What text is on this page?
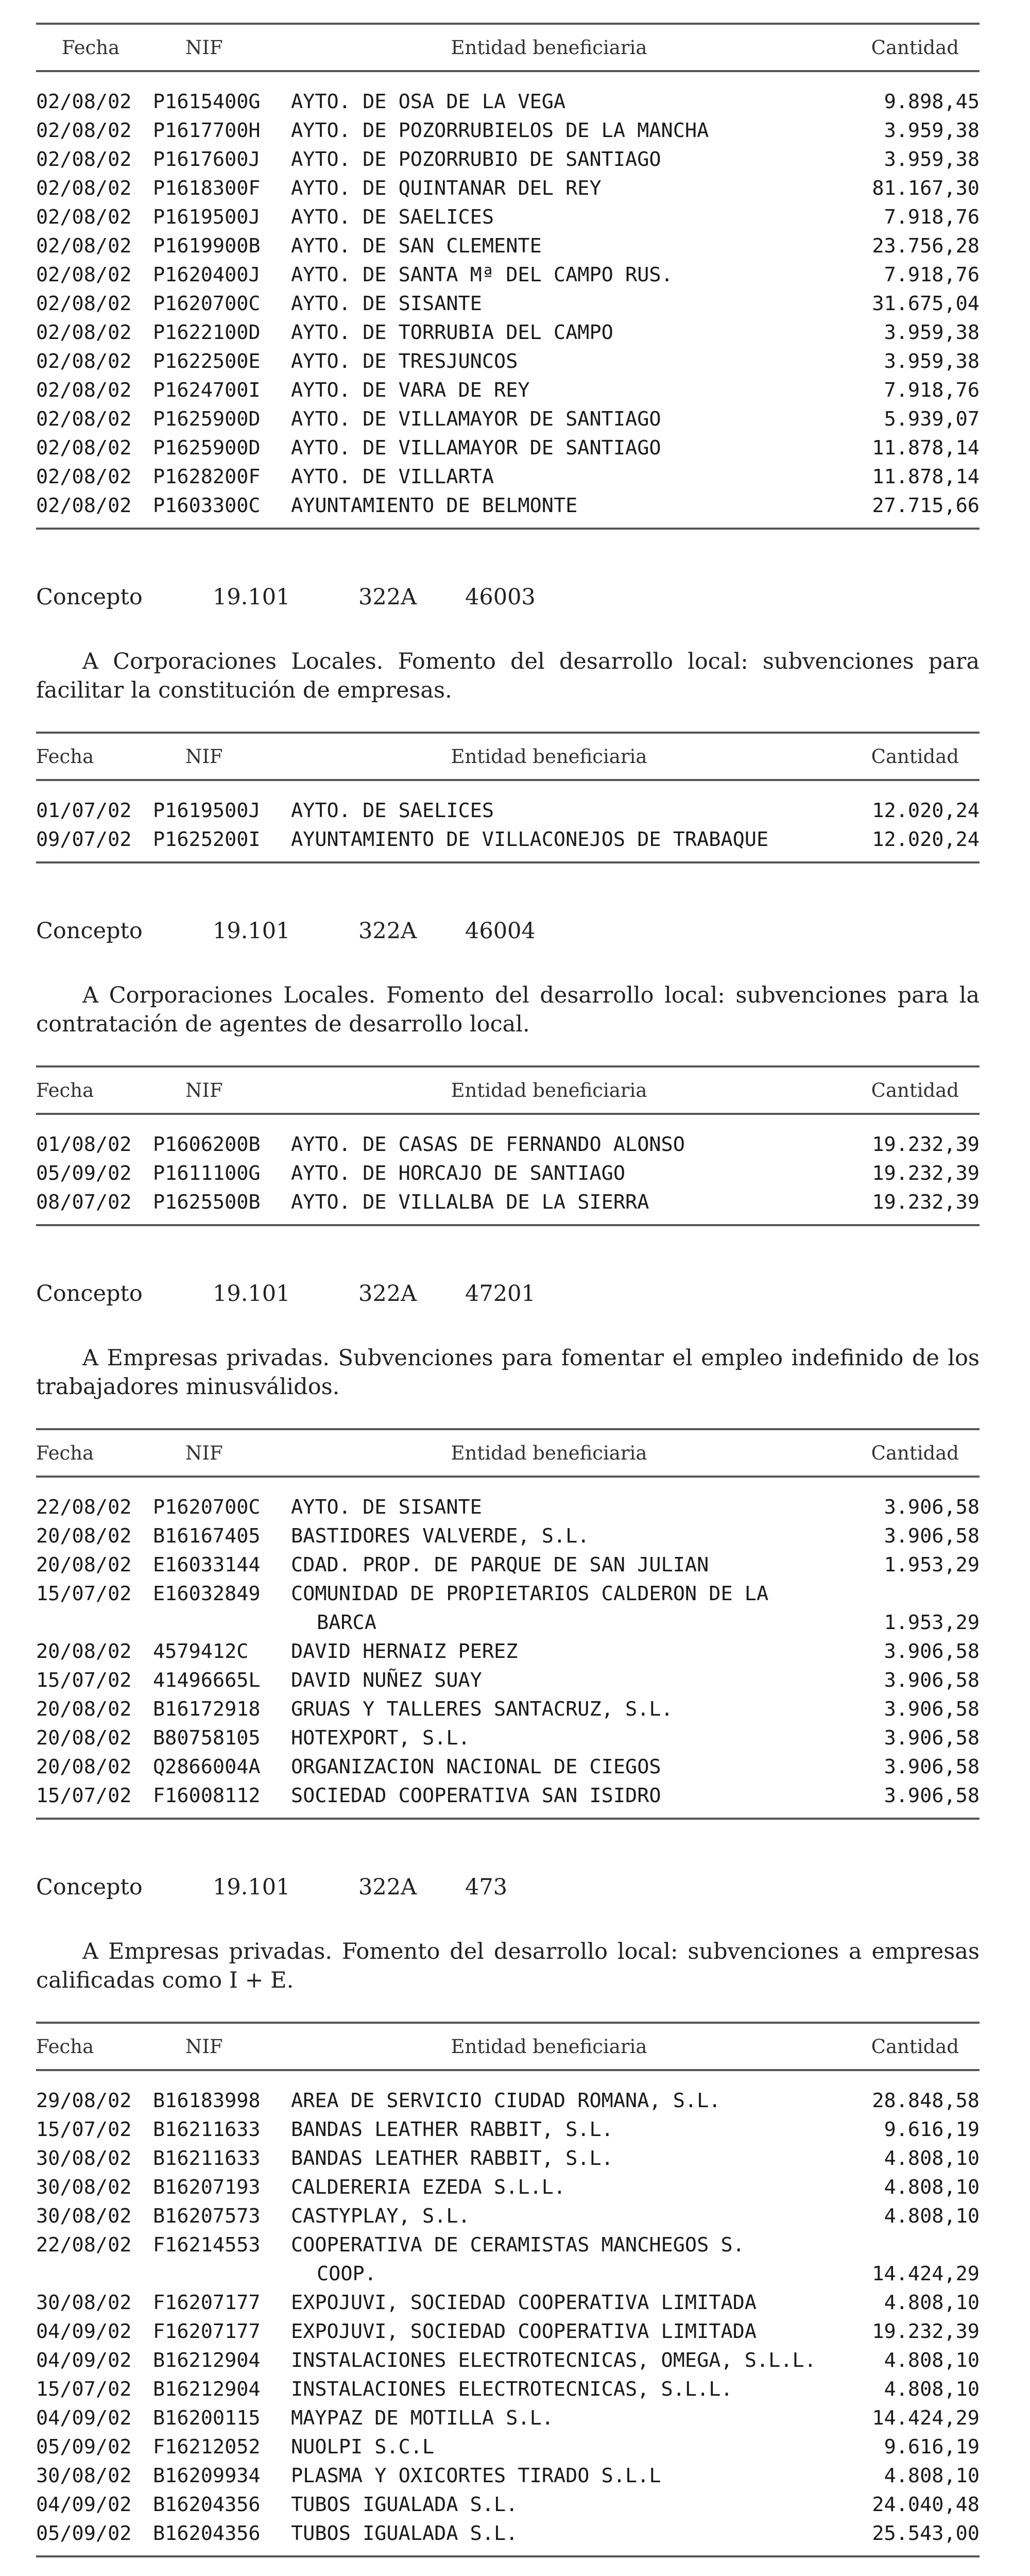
Fecha	NIF	Entidad beneficiaria	Cantidad
02/08/02	P1615400G	AYTO. DE OSA DE LA VEGA	9.898,45
02/08/02	P1617700H	AYTO. DE POZORRUBIELOS DE LA MANCHA	3.959,38
02/08/02	P1617600J	AYTO. DE POZORRUBIO DE SANTIAGO	3.959,38
02/08/02	P1618300F	AYTO. DE QUINTANAR DEL REY	81.167,30
02/08/02	P1619500J	AYTO. DE SAELICES	7.918,76
02/08/02	P1619900B	AYTO. DE SAN CLEMENTE	23.756,28
02/08/02	P1620400J	AYTO. DE SANTA Mª DEL CAMPO RUS.	7.918,76
02/08/02	P1620700C	AYTO. DE SISANTE	31.675,04
02/08/02	P1622100D	AYTO. DE TORRUBIA DEL CAMPO	3.959,38
02/08/02	P1622500E	AYTO. DE TRESJUNCOS	3.959,38
02/08/02	P1624700I	AYTO. DE VARA DE REY	7.918,76
02/08/02	P1625900D	AYTO. DE VILLAMAYOR DE SANTIAGO	5.939,07
02/08/02	P1625900D	AYTO. DE VILLAMAYOR DE SANTIAGO	11.878,14
02/08/02	P1628200F	AYTO. DE VILLARTA	11.878,14
02/08/02	P1603300C	AYUNTAMIENTO DE BELMONTE	27.715,66
Concepto	19.101	322A	46003
A Corporaciones Locales. Fomento del desarrollo local: subvenciones para facilitar la constitución de empresas.
Fecha	NIF	Entidad beneficiaria	Cantidad
01/07/02	P1619500J	AYTO. DE SAELICES	12.020,24
09/07/02	P1625200I	AYUNTAMIENTO DE VILLACONEJOS DE TRABAQUE	12.020,24
Concepto	19.101	322A	46004
A Corporaciones Locales. Fomento del desarrollo local: subvenciones para la contratación de agentes de desarrollo local.
Fecha	NIF	Entidad beneficiaria	Cantidad
01/08/02	P1606200B	AYTO. DE CASAS DE FERNANDO ALONSO	19.232,39
05/09/02	P1611100G	AYTO. DE HORCAJO DE SANTIAGO	19.232,39
08/07/02	P1625500B	AYTO. DE VILLALBA DE LA SIERRA	19.232,39
Concepto	19.101	322A	47201
A Empresas privadas. Subvenciones para fomentar el empleo indefinido de los trabajadores minusválidos.
Fecha	NIF	Entidad beneficiaria	Cantidad
22/08/02	P1620700C	AYTO. DE SISANTE	3.906,58
20/08/02	B16167405	BASTIDORES VALVERDE, S.L.	3.906,58
20/08/02	E16033144	CDAD. PROP. DE PARQUE DE SAN JULIAN	1.953,29
15/07/02	E16032849	COMUNIDAD DE PROPIETARIOS CALDERON DE LA
BARCA	1.953,29
20/08/02	4579412C	DAVID HERNAIZ PEREZ	3.906,58
15/07/02	41496665L	DAVID NUÑEZ SUAY	3.906,58
20/08/02	B16172918	GRUAS Y TALLERES SANTACRUZ, S.L.	3.906,58
20/08/02	B80758105	HOTEXPORT, S.L.	3.906,58
20/08/02	Q2866004A	ORGANIZACION NACIONAL DE CIEGOS	3.906,58
15/07/02	F16008112	SOCIEDAD COOPERATIVA SAN ISIDRO	3.906,58
Concepto	19.101	322A	473
A Empresas privadas. Fomento del desarrollo local: subvenciones a empresas calificadas como I + E.
Fecha	NIF	Entidad beneficiaria	Cantidad
29/08/02	B16183998	AREA DE SERVICIO CIUDAD ROMANA, S.L.	28.848,58
15/07/02	B16211633	BANDAS LEATHER RABBIT, S.L.	9.616,19
30/08/02	B16211633	BANDAS LEATHER RABBIT, S.L.	4.808,10
30/08/02	B16207193	CALDERERIA EZEDA S.L.L.	4.808,10
30/08/02	B16207573	CASTYPLAY, S.L.	4.808,10
22/08/02	F16214553	COOPERATIVA DE CERAMISTAS MANCHEGOS S.
COOP.	14.424,29
30/08/02	F16207177	EXPOJUVI, SOCIEDAD COOPERATIVA LIMITADA	4.808,10
04/09/02	F16207177	EXPOJUVI, SOCIEDAD COOPERATIVA LIMITADA	19.232,39
04/09/02	B16212904	INSTALACIONES ELECTROTECNICAS, OMEGA, S.L.L.	4.808,10
15/07/02	B16212904	INSTALACIONES ELECTROTECNICAS, S.L.L.	4.808,10
04/09/02	B16200115	MAYPAZ DE MOTILLA S.L.	14.424,29
05/09/02	F16212052	NUOLPI S.C.L	9.616,19
30/08/02	B16209934	PLASMA Y OXICORTES TIRADO S.L.L	4.808,10
04/09/02	B16204356	TUBOS IGUALADA S.L.	24.040,48
05/09/02	B16204356	TUBOS IGUALADA S.L.	25.543,00
